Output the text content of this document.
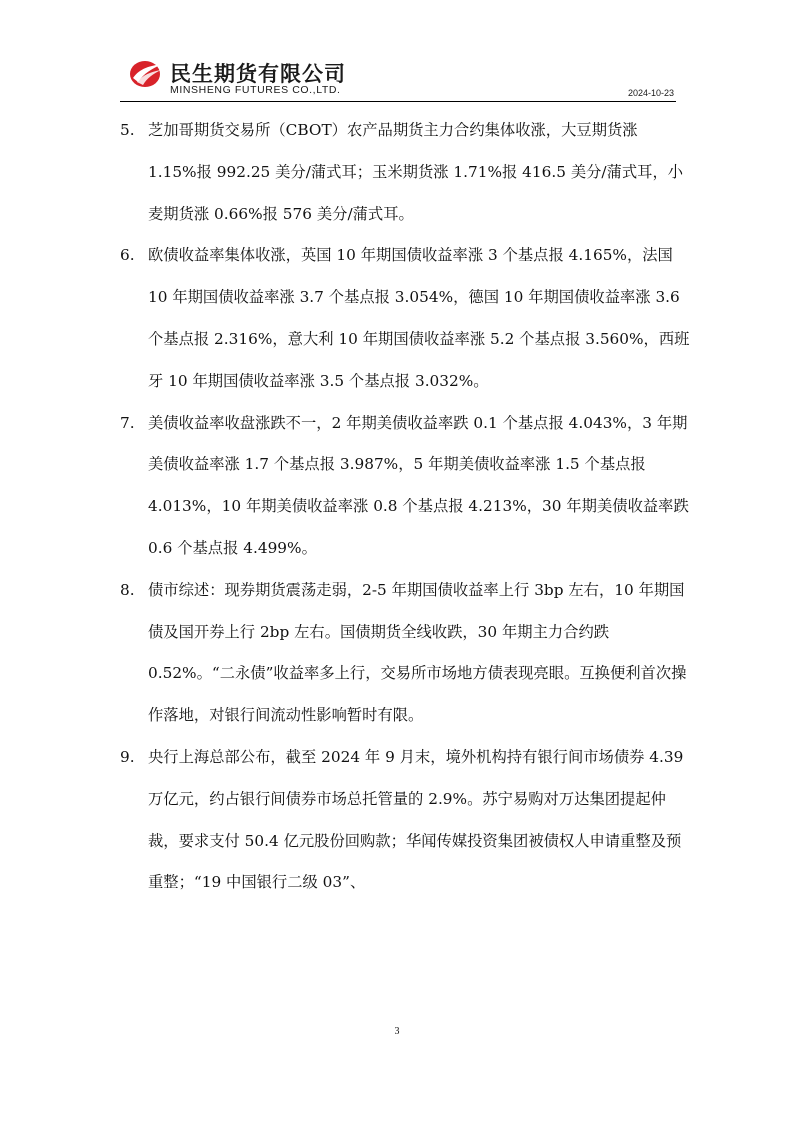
民生期货有限公司
MINSHENG FUTURES CO.,LTD.	2024-10-23
5. 芝加哥期货交易所（CBOT）农产品期货主力合约集体收涨，大豆期货涨 1.15%报 992.25 美分/蒲式耳；玉米期货涨 1.71%报 416.5 美分/蒲式耳，小麦期货涨 0.66%报 576 美分/蒲式耳。
6. 欧债收益率集体收涨，英国 10 年期国债收益率涨 3 个基点报 4.165%，法国 10 年期国债收益率涨 3.7 个基点报 3.054%，德国 10 年期国债收益率涨 3.6 个基点报 2.316%，意大利 10 年期国债收益率涨 5.2 个基点报 3.560%，西班牙 10 年期国债收益率涨 3.5 个基点报 3.032%。
7. 美债收益率收盘涨跌不一，2 年期美债收益率跌 0.1 个基点报 4.043%，3 年期美债收益率涨 1.7 个基点报 3.987%，5 年期美债收益率涨 1.5 个基点报 4.013%，10 年期美债收益率涨 0.8 个基点报 4.213%，30 年期美债收益率跌 0.6 个基点报 4.499%。
8. 债市综述：现券期货震荡走弱，2-5 年期国债收益率上行 3bp 左右，10 年期国债及国开券上行 2bp 左右。国债期货全线收跌，30 年期主力合约跌 0.52%。“二永债”收益率多上行，交易所市场地方债表现亮眼。互换便利首次操作落地，对银行间流动性影响暂时有限。
9. 央行上海总部公布，截至 2024 年 9 月末，境外机构持有银行间市场债券 4.39 万亿元，约占银行间债券市场总托管量的 2.9%。苏宁易购对万达集团提起仲裁，要求支付 50.4 亿元股份回购款；华闻传媒投资集团被债权人申请重整及预重整；“19 中国银行二级 03”、
3
